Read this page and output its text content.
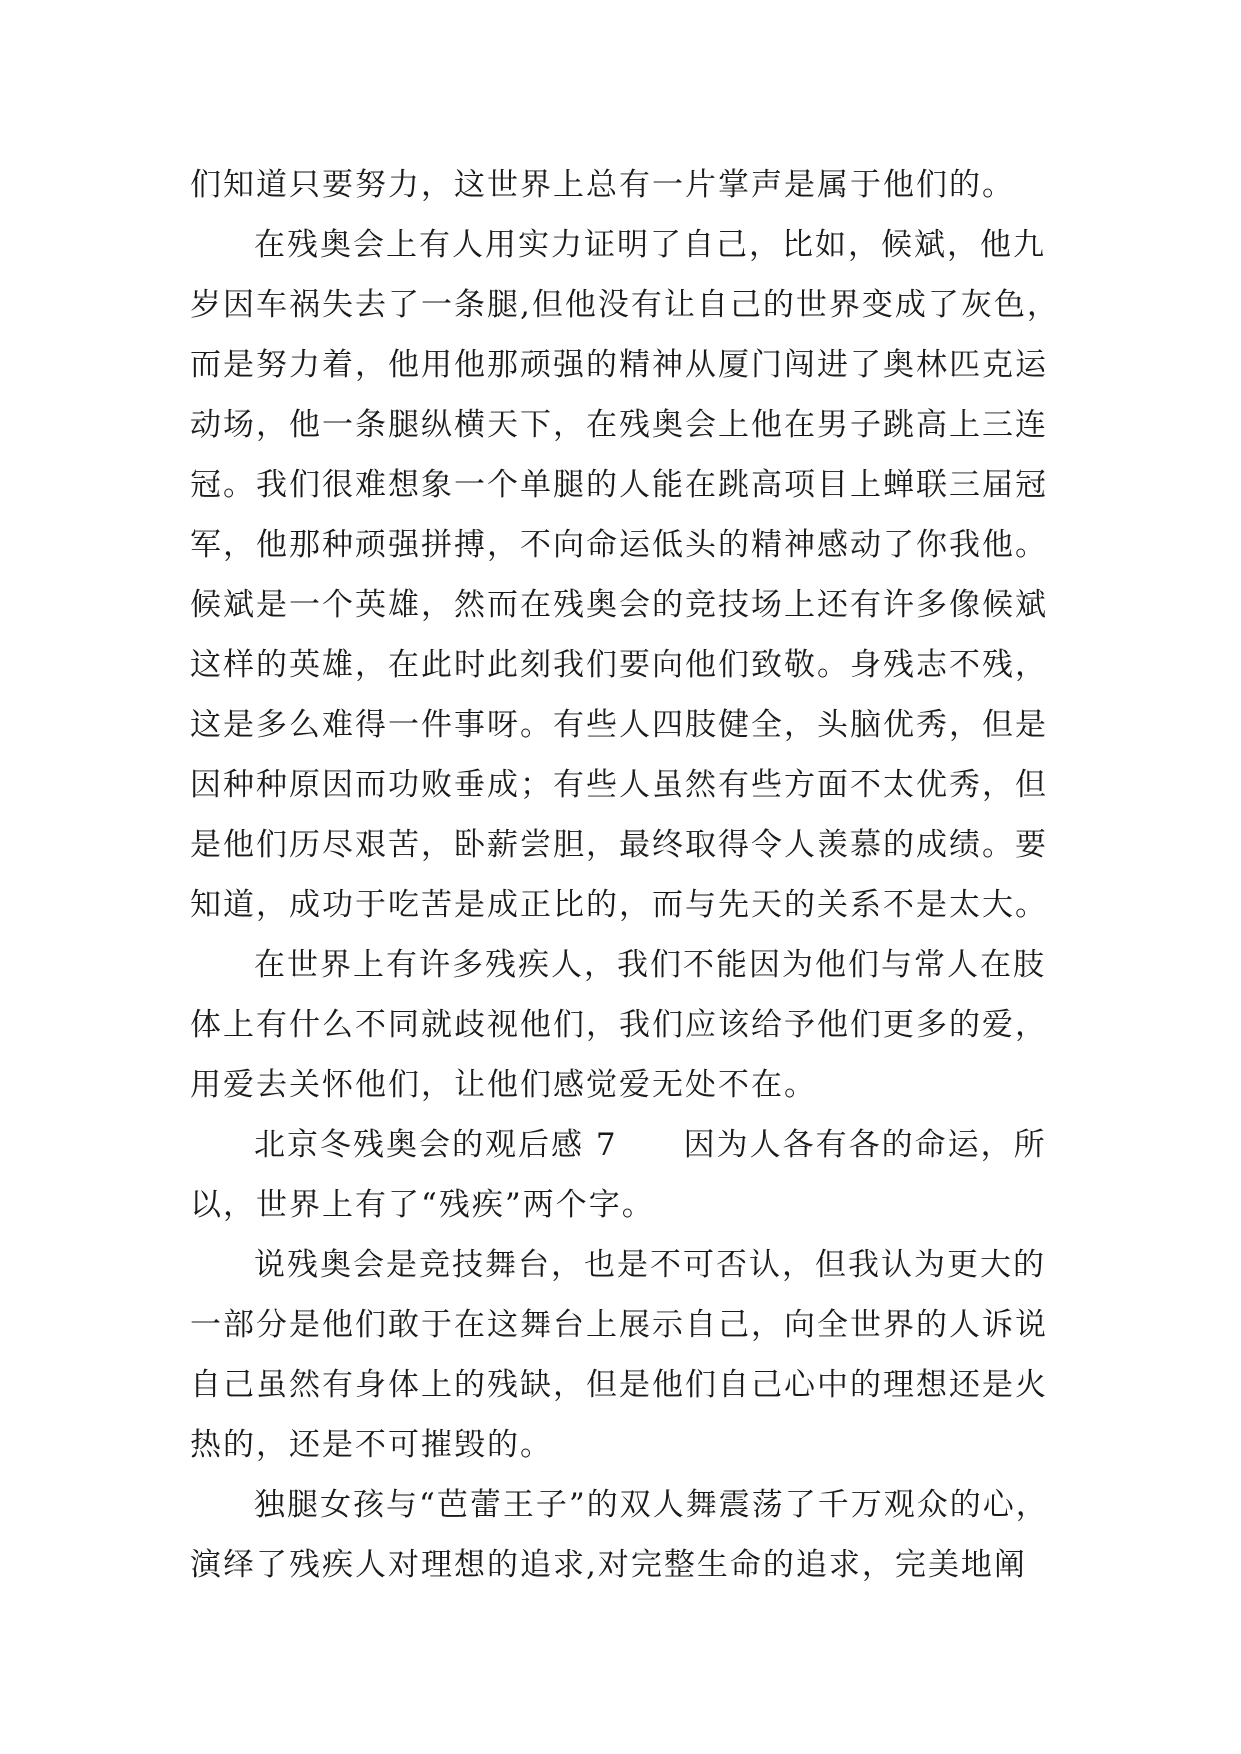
们知道只要努力，这世界上总有一片掌声是属于他们的。
在残奥会上有人用实力证明了自己，比如，候斌，他九
岁因车祸失去了一条腿,但他没有让自己的世界变成了灰色，
而是努力着，他用他那顽强的精神从厦门闯进了奥林匹克运
动场，他一条腿纵横天下，在残奥会上他在男子跳高上三连
冠。我们很难想象一个单腿的人能在跳高项目上蝉联三届冠
军，他那种顽强拼搏，不向命运低头的精神感动了你我他。
候斌是一个英雄，然而在残奥会的竞技场上还有许多像候斌
这样的英雄，在此时此刻我们要向他们致敬。身残志不残，
这是多么难得一件事呀。有些人四肢健全，头脑优秀，但是
因种种原因而功败垂成；有些人虽然有些方面不太优秀，但
是他们历尽艰苦，卧薪尝胆，最终取得令人羡慕的成绩。要
知道，成功于吃苦是成正比的，而与先天的关系不是太大。
在世界上有许多残疾人，我们不能因为他们与常人在肢
体上有什么不同就歧视他们，我们应该给予他们更多的爱，
用爱去关怀他们，让他们感觉爱无处不在。
北京冬残奥会的观后感 7　　因为人各有各的命运，所
以，世界上有了“残疾”两个字。
说残奥会是竞技舞台，也是不可否认，但我认为更大的
一部分是他们敢于在这舞台上展示自己，向全世界的人诉说
自己虽然有身体上的残缺，但是他们自己心中的理想还是火
热的，还是不可摧毁的。
独腿女孩与“芭蕾王子”的双人舞震荡了千万观众的心，
演绎了残疾人对理想的追求,对完整生命的追求，完美地阐
